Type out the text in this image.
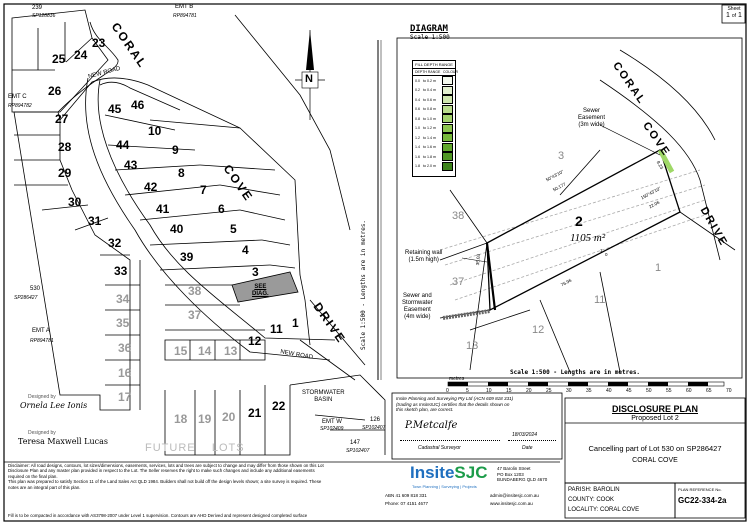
Sheet
1 of 1
239
SP128836
EMT B
RP894781
EMT C
RP894782
530
SP286427
EMT A
RP894781
EMT W
SP102409
126
SP102407
147
SP102407
CORAL
COVE
DRIVE
NEW ROAD
NEW ROAD
STORMWATER
BASIN
FUTURE    LOTS
SEE
DIAG.
N
25
23
24
26
27
28
29
30
31
32
33
34
35
36
16
17
45 46
10
44	9
43
8
42	7
41	6
40	5
39	4
3
38
37
15 14 13
12
11 1
18 19 20 21 22
Scale 1:500 - Lengths are in metres.
Designed by
Ornela Lee Ionis
Designed by
Teresa Maxwell Lucas
DIAGRAM
Scale 1:500
FILL DEPTH RANGE
DEPTH RANGE COLOUR
0.0 to 0.2 m
0.2 to 0.4 m
0.4 to 0.6 m
0.6 to 0.8 m
0.8 to 1.0 m
1.0 to 1.2 m
1.2 to 1.4 m
1.4 to 1.6 m
1.6 to 1.8 m
1.8 to 2.0 m
CORAL
COVE
DRIVE
Sewer
Easement
(3m wide)
Retaining wall
(1.5m high)
Sewer and
Stormwater
Easement
(4m wide)
2
1105 m²
3
38
37
12
13
1
11
50°43'10"
50.177	150°43'10"
22.06
76.96
35.03
8.23
1
0
Scale 1:500 - Lengths are in metres.
0	5	10	15	20	25	30	35	40	45	50	55	60	65	70
metres
Insite Planning and Surveying Pty Ltd (ACN 609 818 331)
(trading as InsiteSJC) certifies that the details shown on
this sketch plan, are correct.
P.Metcalfe
18/03/2024
Cadastral Surveyor	Date
DISCLOSURE PLAN
Proposed Lot 2
Cancelling part of Lot 530 on SP286427
CORAL COVE
PARISH: BAROLIN
COUNTY: COOK
LOCALITY: CORAL COVE
PLAN REFERENCE No.
GC22-334-2a
InsiteSJC
Town Planning | Surveying | Projects
47 Barolin Street
PO Box 1203
BUNDABERG QLD 4670
ABN 41 609 818 331
Phone: 07 4151 4677
admin@insitesjc.com.au
www.insitesjc.com.au
Disclaimer: All road designs, contours, lot sizes/dimensions, easements, services, lots and trees are subject to change and may differ from those shown on this Lot
Disclosure Plan and any master plan provided in respect to the Lot. The Seller reserves the right to make such changes and include any additional easements
required on the final plan.
This plan was prepared to satisfy Section 11 of the Land Sales Act QLD 1984. Builders shall not build off the design levels shown; a site survey is required. These
notes are an integral part of this plan.
Fill is to be compacted in accordance with AS3798-2007 under Level 1 supervision. Contours are AHD Derived and represent designed completed surface
